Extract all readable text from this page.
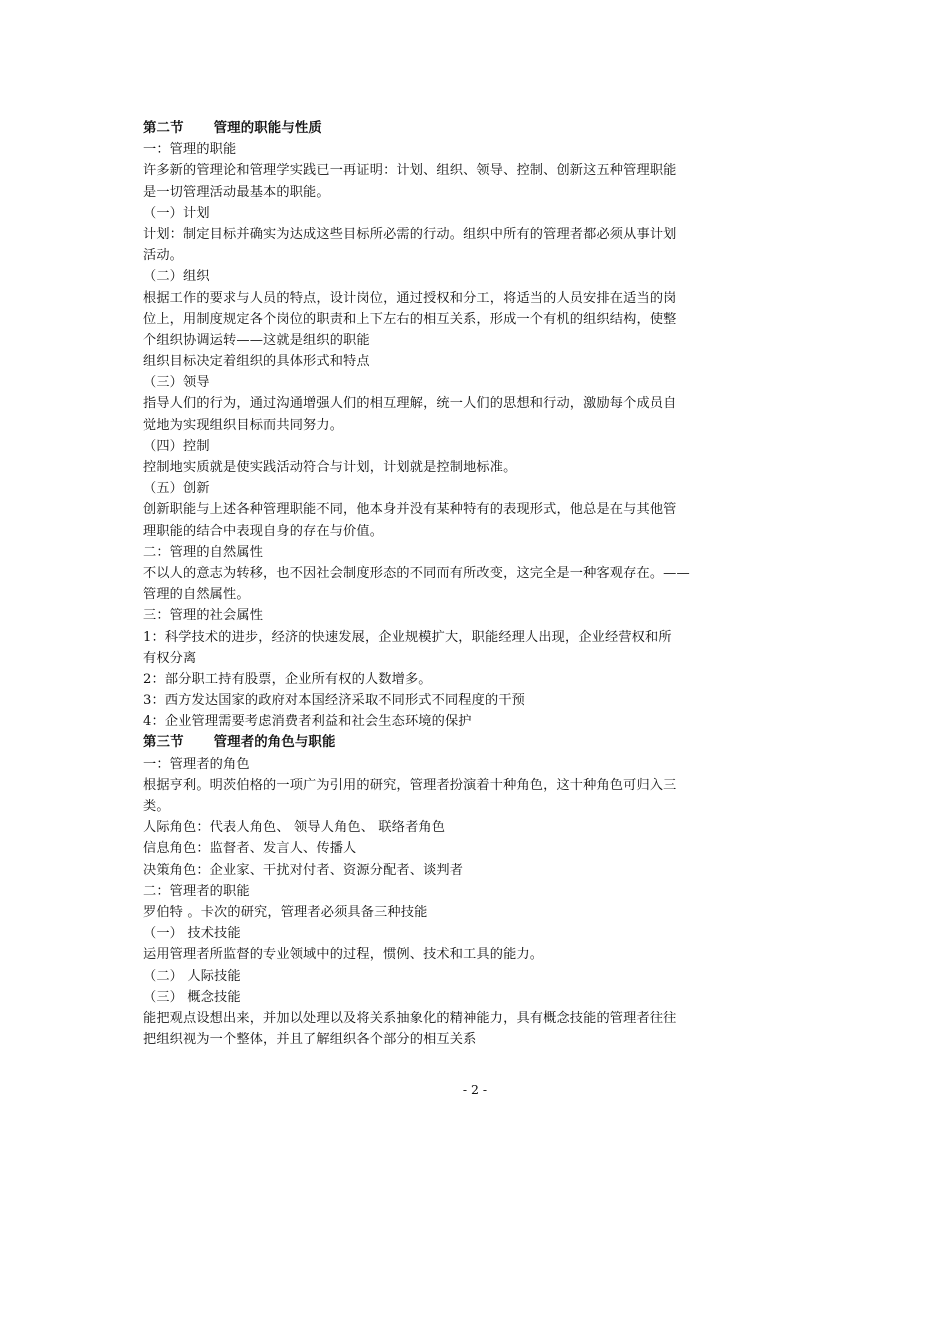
第二节 管理的职能与性质
一：管理的职能
许多新的管理论和管理学实践已一再证明：计划、组织、领导、控制、创新这五种管理职能
是一切管理活动最基本的职能。
（一）计划
计划：制定目标并确实为达成这些目标所必需的行动。组织中所有的管理者都必须从事计划
活动。
（二）组织
根据工作的要求与人员的特点，设计岗位，通过授权和分工，将适当的人员安排在适当的岗
位上，用制度规定各个岗位的职责和上下左右的相互关系，形成一个有机的组织结构，使整
个组织协调运转——这就是组织的职能
组织目标决定着组织的具体形式和特点
（三）领导
指导人们的行为，通过沟通增强人们的相互理解，统一人们的思想和行动，激励每个成员自
觉地为实现组织目标而共同努力。
（四）控制
控制地实质就是使实践活动符合与计划，计划就是控制地标准。
（五）创新
创新职能与上述各种管理职能不同，他本身并没有某种特有的表现形式，他总是在与其他管
理职能的结合中表现自身的存在与价值。
二：管理的自然属性
不以人的意志为转移，也不因社会制度形态的不同而有所改变，这完全是一种客观存在。——
管理的自然属性。
三：管理的社会属性
1：科学技术的进步，经济的快速发展，企业规模扩大，职能经理人出现，企业经营权和所
有权分离
2：部分职工持有股票，企业所有权的人数增多。
3：西方发达国家的政府对本国经济采取不同形式不同程度的干预
4：企业管理需要考虑消费者利益和社会生态环境的保护
第三节 管理者的角色与职能
一：管理者的角色
根据亨利。明茨伯格的一项广为引用的研究，管理者扮演着十种角色，这十种角色可归入三
类。
人际角色：代表人角色、 领导人角色、 联络者角色
信息角色：监督者、发言人、传播人
决策角色：企业家、干扰对付者、资源分配者、谈判者
二：管理者的职能
罗伯特 。卡次的研究，管理者必须具备三种技能
（一） 技术技能
运用管理者所监督的专业领域中的过程，惯例、技术和工具的能力。
（二） 人际技能
（三） 概念技能
能把观点设想出来，并加以处理以及将关系抽象化的精神能力，具有概念技能的管理者往往
把组织视为一个整体，并且了解组织各个部分的相互关系
- 2 -
